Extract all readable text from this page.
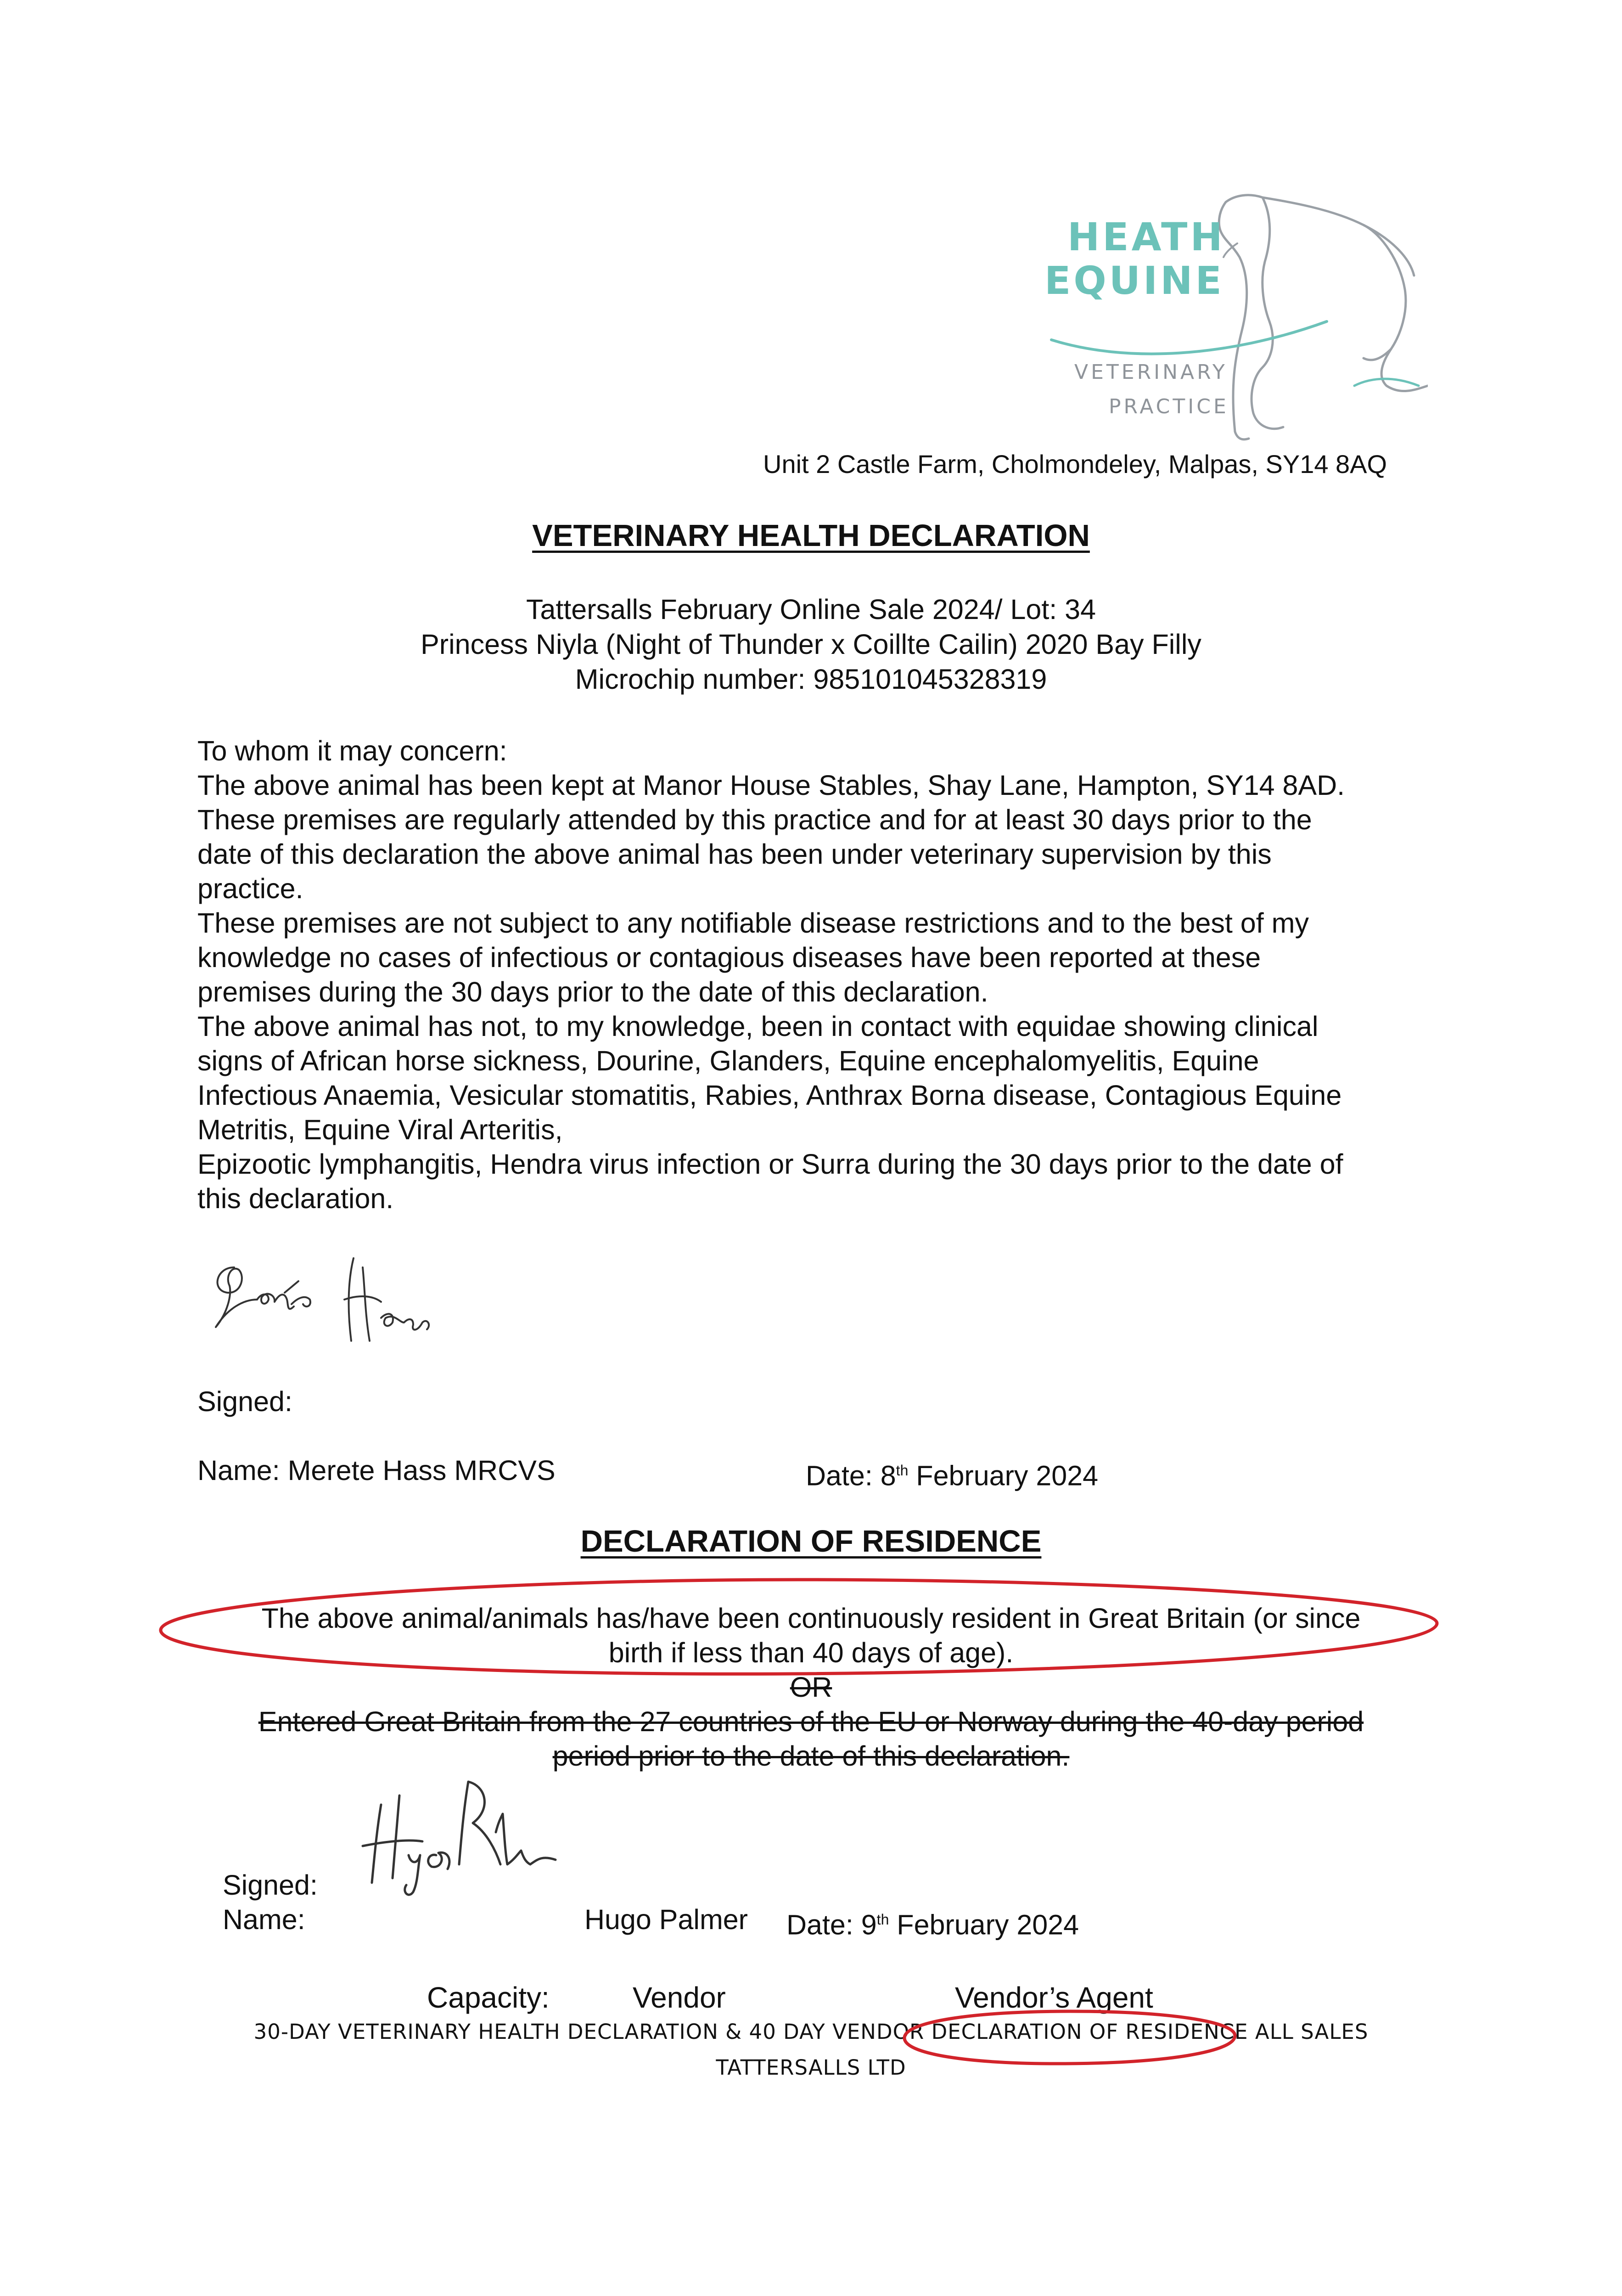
HEATH
EQUINE
VETERINARY
PRACTICE
Unit 2 Castle Farm, Cholmondeley, Malpas, SY14 8AQ
VETERINARY HEALTH DECLARATION
Tattersalls February Online Sale 2024/ Lot: 34
Princess Niyla (Night of Thunder x Coillte Cailin) 2020 Bay Filly
Microchip number: 985101045328319
To whom it may concern:
The above animal has been kept at Manor House Stables, Shay Lane, Hampton, SY14 8AD.
These premises are regularly attended by this practice and for at least 30 days prior to the
date of this declaration the above animal has been under veterinary supervision by this
practice.
These premises are not subject to any notifiable disease restrictions and to the best of my
knowledge no cases of infectious or contagious diseases have been reported at these
premises during the 30 days prior to the date of this declaration.
The above animal has not, to my knowledge, been in contact with equidae showing clinical
signs of African horse sickness, Dourine, Glanders, Equine encephalomyelitis, Equine
Infectious Anaemia, Vesicular stomatitis, Rabies, Anthrax Borna disease, Contagious Equine
Metritis, Equine Viral Arteritis,
Epizootic lymphangitis, Hendra virus infection or Surra during the 30 days prior to the date of
this declaration.
Signed:
Name: Merete Hass MRCVS	Date: 8th February 2024
DECLARATION OF RESIDENCE
The above animal/animals has/have been continuously resident in Great Britain (or since
birth if less than 40 days of age).
OR
Entered Great Britain from the 27 countries of the EU or Norway during the 40-day period
period prior to the date of this declaration.
Signed:
Name:	Hugo Palmer Date: 9th February 2024
Capacity:	Vendor	Vendor’s Agent
30-DAY VETERINARY HEALTH DECLARATION & 40 DAY VENDOR DECLARATION OF RESIDENCE ALL SALES
TATTERSALLS LTD
